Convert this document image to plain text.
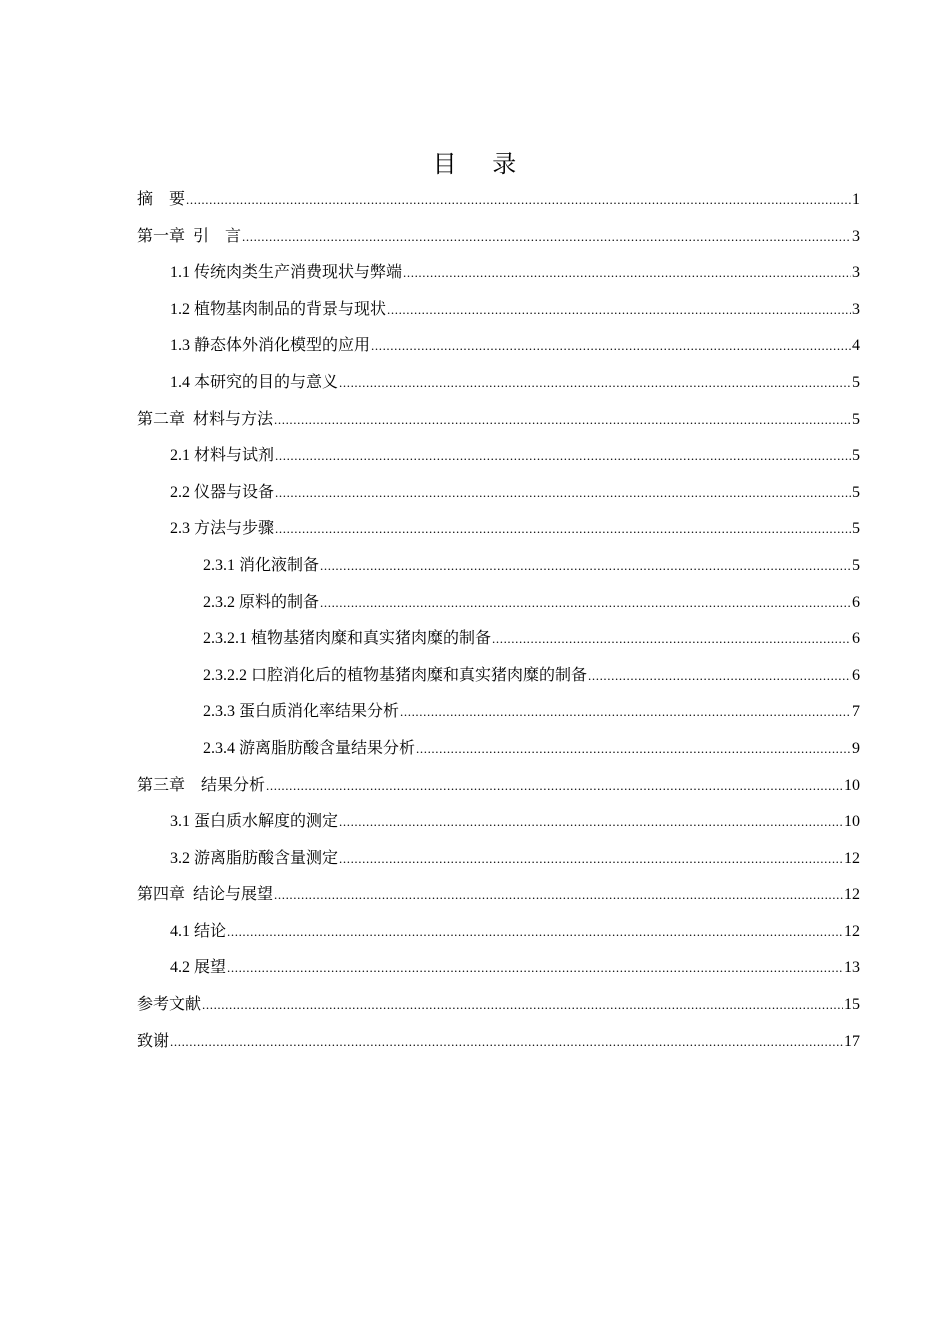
目 录
摘    要 .....	1
第一章  引    言 .....	3
1.1 传统肉类生产消费现状与弊端 .....	3
1.2 植物基肉制品的背景与现状 .....	3
1.3 静态体外消化模型的应用 .....	4
1.4 本研究的目的与意义 .....	5
第二章  材料与方法 .....	5
2.1 材料与试剂 .....	5
2.2 仪器与设备 .....	5
2.3 方法与步骤 .....	5
2.3.1 消化液制备 .....	5
2.3.2 原料的制备 .....	6
2.3.2.1 植物基猪肉糜和真实猪肉糜的制备 .....	6
2.3.2.2 口腔消化后的植物基猪肉糜和真实猪肉糜的制备 .....	6
2.3.3 蛋白质消化率结果分析 .....	7
2.3.4 游离脂肪酸含量结果分析 .....	9
第三章    结果分析 .....	10
3.1 蛋白质水解度的测定 .....	10
3.2 游离脂肪酸含量测定 .....	12
第四章  结论与展望 .....	12
4.1 结论 .....	12
4.2 展望 .....	13
参考文献 .....	15
致谢 .....	17
